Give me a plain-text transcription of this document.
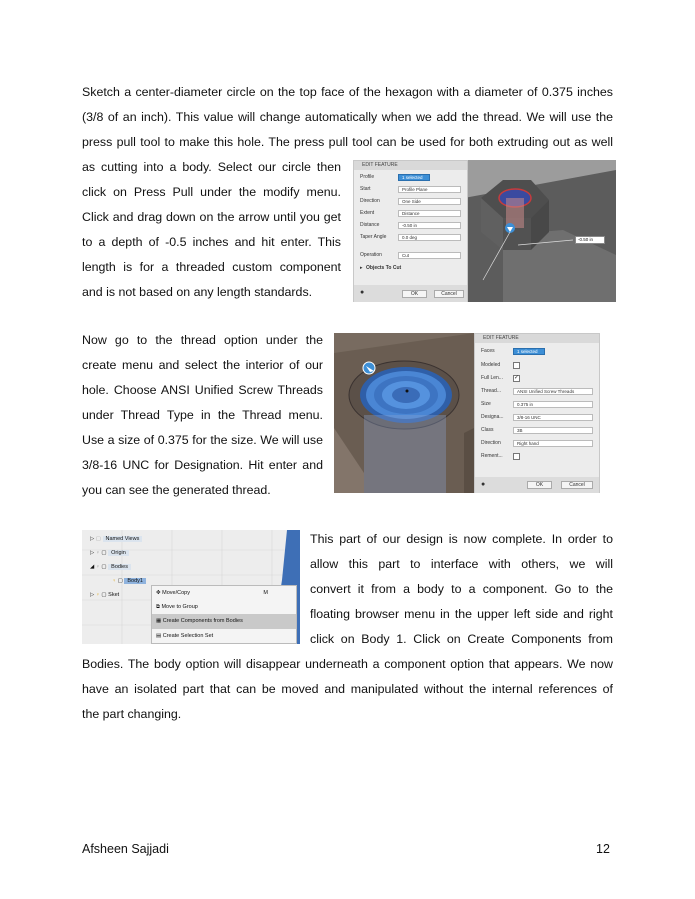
Sketch a center-diameter circle on the top face of the hexagon with a diameter of 0.375 inches
(3/8 of an inch). This value will change automatically when we add the thread. We will use the
press pull tool to make this hole. The press pull tool can be used for both extruding out as well
as cutting into a body. Select our circle then
click on Press Pull under the modify menu.
Click and drag down on the arrow until you get
to a depth of -0.5 inches and hit enter. This
length is for a threaded custom component
and is not based on any length standards.
EDIT FEATURE
Profile	1 selected
Start	Profile Plane
Direction	One Side
Extent	Distance
Distance	-0.50 in
Taper Angle	0.0 deg
Operation	Cut
▸ Objects To Cut
●	OK	Cancel
-0.50 in
Now go to the thread option under the
create menu and select the interior of our
hole. Choose ANSI Unified Screw Threads
under Thread Type in the Thread menu.
Use a size of 0.375 for the size. We will use
3/8-16 UNC for Designation. Hit enter and
you can see the generated thread.
EDIT FEATURE
Faces	1 selected
Modeled
Full Len... ✓
Thread...	ANSI Unified Screw Threads
Size	0.375 in
Designa...	3/8-16 UNC
Class	3B
Direction	Right hand
Rement...
●	OK	Cancel
▷ ▢ Named Views
▷ ♀ ▢ Origin
◢ ♀ ▢ Bodies
♀ ▢ Body1
▷ ♀ ▢ Sket	✥ Move/Copy	M
⧉ Move to Group
▦ Create Components from Bodies
▤ Create Selection Set
This part of our design is now complete. In order to
allow this part to interface with others, we will
convert it from a body to a component. Go to the
floating browser menu in the upper left side and right
click on Body 1. Click on Create Components from
Bodies. The body option will disappear underneath a component option that appears. We now
have an isolated part that can be moved and manipulated without the internal references of
the part changing.
Afsheen Sajjadi	12
